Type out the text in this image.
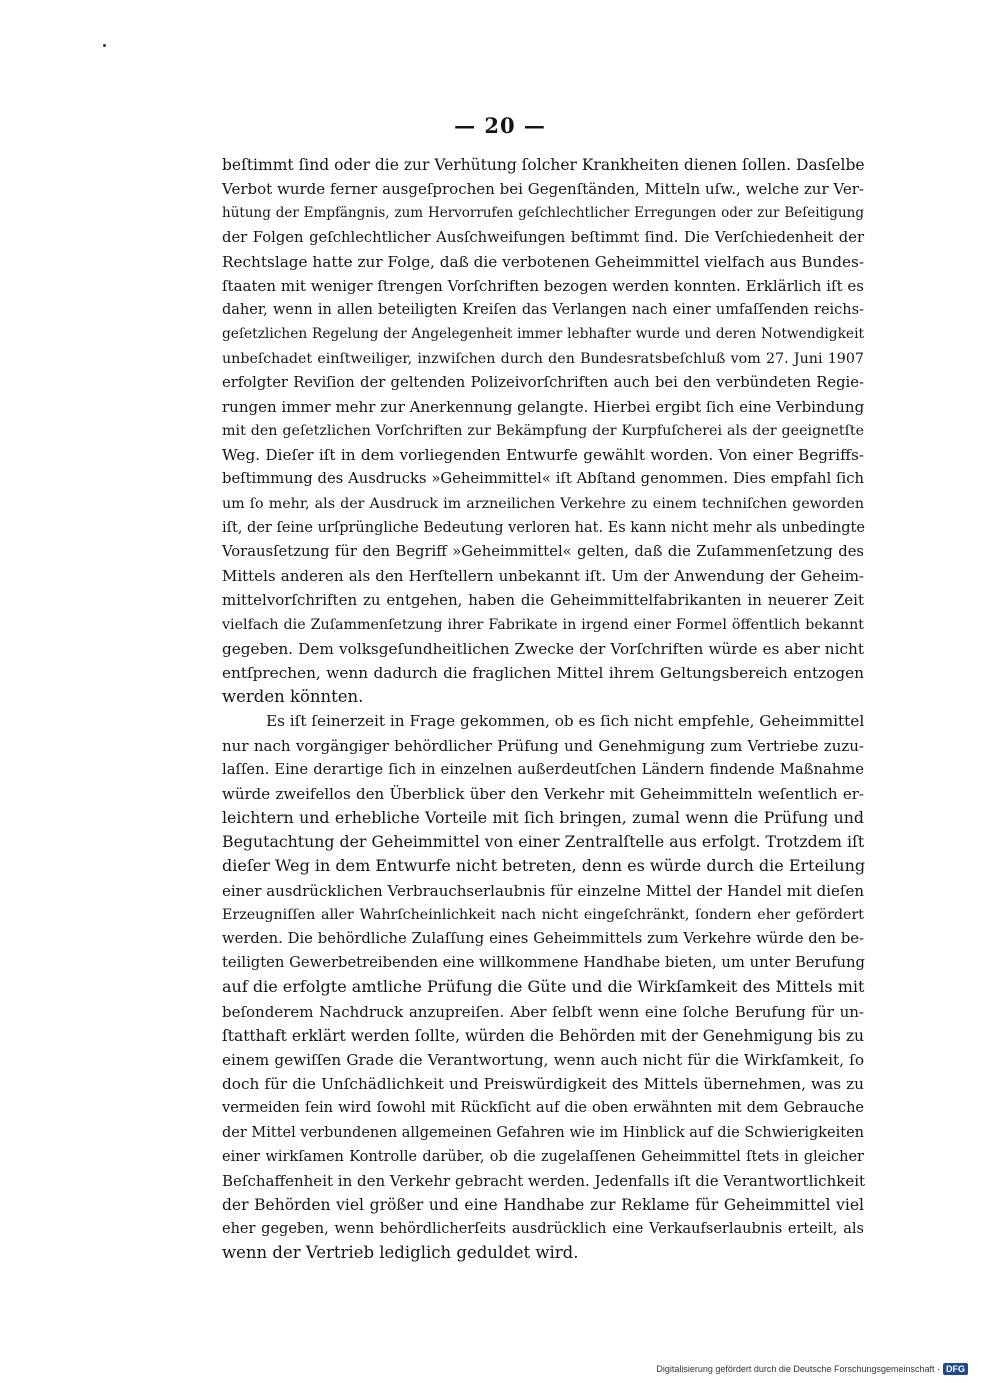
— 20 —
beſtimmt ſind oder die zur Verhütung ſolcher Krankheiten dienen ſollen. Dasſelbe
Verbot wurde ferner ausgeſprochen bei Gegenſtänden, Mitteln uſw., welche zur Ver-
hütung der Empfängnis, zum Hervorrufen geſchlechtlicher Erregungen oder zur Beſeitigung
der Folgen geſchlechtlicher Ausſchweifungen beſtimmt ſind. Die Verſchiedenheit der
Rechtslage hatte zur Folge, daß die verbotenen Geheimmittel vielfach aus Bundes-
ſtaaten mit weniger ſtrengen Vorſchriften bezogen werden konnten. Erklärlich iſt es
daher, wenn in allen beteiligten Kreiſen das Verlangen nach einer umfaſſenden reichs-
geſetzlichen Regelung der Angelegenheit immer lebhafter wurde und deren Notwendigkeit
unbeſchadet einſtweiliger, inzwiſchen durch den Bundesratsbeſchluß vom 27. Juni 1907
erfolgter Reviſion der geltenden Polizeivorſchriften auch bei den verbündeten Regie-
rungen immer mehr zur Anerkennung gelangte. Hierbei ergibt ſich eine Verbindung
mit den geſetzlichen Vorſchriften zur Bekämpfung der Kurpfuſcherei als der geeignetſte
Weg. Dieſer iſt in dem vorliegenden Entwurfe gewählt worden. Von einer Begriffs-
beſtimmung des Ausdrucks »Geheimmittel« iſt Abſtand genommen. Dies empfahl ſich
um ſo mehr, als der Ausdruck im arzneilichen Verkehre zu einem techniſchen geworden
iſt, der ſeine urſprüngliche Bedeutung verloren hat. Es kann nicht mehr als unbedingte
Vorausſetzung für den Begriff »Geheimmittel« gelten, daß die Zuſammenſetzung des
Mittels anderen als den Herſtellern unbekannt iſt. Um der Anwendung der Geheim-
mittelvorſchriften zu entgehen, haben die Geheimmittelfabrikanten in neuerer Zeit
vielfach die Zuſammenſetzung ihrer Fabrikate in irgend einer Formel öffentlich bekannt
gegeben. Dem volksgeſundheitlichen Zwecke der Vorſchriften würde es aber nicht
entſprechen, wenn dadurch die fraglichen Mittel ihrem Geltungsbereich entzogen
werden könnten.
Es iſt ſeinerzeit in Frage gekommen, ob es ſich nicht empfehle, Geheimmittel
nur nach vorgängiger behördlicher Prüfung und Genehmigung zum Vertriebe zuzu-
laſſen. Eine derartige ſich in einzelnen außerdeutſchen Ländern findende Maßnahme
würde zweifellos den Überblick über den Verkehr mit Geheimmitteln weſentlich er-
leichtern und erhebliche Vorteile mit ſich bringen, zumal wenn die Prüfung und
Begutachtung der Geheimmittel von einer Zentralſtelle aus erfolgt. Trotzdem iſt
dieſer Weg in dem Entwurfe nicht betreten, denn es würde durch die Erteilung
einer ausdrücklichen Verbrauchserlaubnis für einzelne Mittel der Handel mit dieſen
Erzeugniſſen aller Wahrſcheinlichkeit nach nicht eingeſchränkt, ſondern eher gefördert
werden. Die behördliche Zulaſſung eines Geheimmittels zum Verkehre würde den be-
teiligten Gewerbetreibenden eine willkommene Handhabe bieten, um unter Berufung
auf die erfolgte amtliche Prüfung die Güte und die Wirkſamkeit des Mittels mit
beſonderem Nachdruck anzupreiſen. Aber ſelbſt wenn eine ſolche Berufung für un-
ſtatthaft erklärt werden ſollte, würden die Behörden mit der Genehmigung bis zu
einem gewiſſen Grade die Verantwortung, wenn auch nicht für die Wirkſamkeit, ſo
doch für die Unſchädlichkeit und Preiswürdigkeit des Mittels übernehmen, was zu
vermeiden ſein wird ſowohl mit Rückſicht auf die oben erwähnten mit dem Gebrauche
der Mittel verbundenen allgemeinen Gefahren wie im Hinblick auf die Schwierigkeiten
einer wirkſamen Kontrolle darüber, ob die zugelaſſenen Geheimmittel ſtets in gleicher
Beſchaffenheit in den Verkehr gebracht werden. Jedenfalls iſt die Verantwortlichkeit
der Behörden viel größer und eine Handhabe zur Reklame für Geheimmittel viel
eher gegeben, wenn behördlicherſeits ausdrücklich eine Verkaufserlaubnis erteilt, als
wenn der Vertrieb lediglich geduldet wird.
Digitalisierung gefördert durch die Deutsche Forschungsgemeinschaft · DFG
